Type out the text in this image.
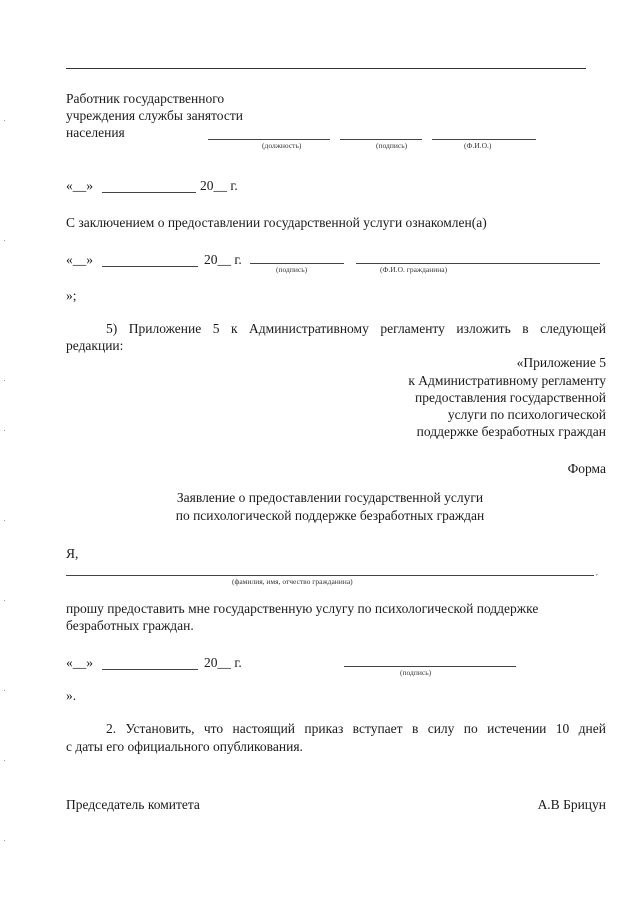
Работник государственного
учреждения службы занятости
населения
(должность)	(подпись)	(Ф.И.О.)
«__»	20__ г.
С заключением о предоставлении государственной услуги ознакомлен(а)
«__»	20__ г.
(подпись)	(Ф.И.О. гражданина)
»;
5) Приложение 5 к Административному регламенту изложить в следующей
редакции:
«Приложение 5
к Административному регламенту
предоставления государственной
услуги по психологической
поддержке безработных граждан
Форма
Заявление о предоставлении государственной услуги
по психологической поддержке безработных граждан
Я,
,
(фамилия, имя, отчество гражданина)
прошу предоставить мне государственную услугу по психологической поддержке
безработных граждан.
«__»	20__ г.
(подпись)
».
2. Установить, что настоящий приказ вступает в силу по истечении 10 дней
с даты его официального опубликования.
Председатель комитета	А.В Брицун
